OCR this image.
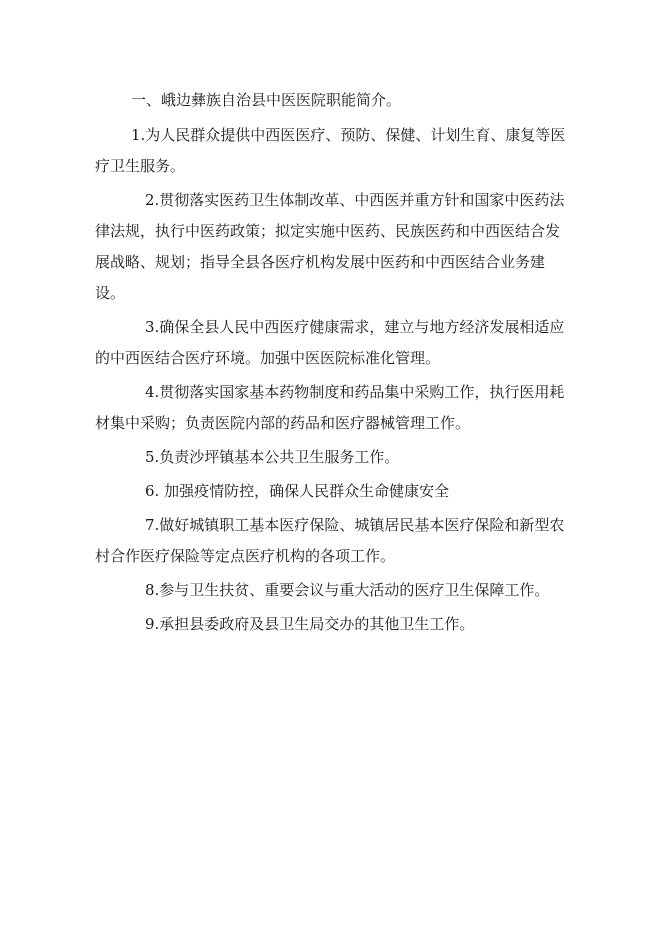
一、峨边彝族自治县中医医院职能简介。

1.为人民群众提供中西医医疗、预防、保健、计划生育、康复等医疗卫生服务。

2.贯彻落实医药卫生体制改革、中西医并重方针和国家中医药法律法规，执行中医药政策；拟定实施中医药、民族医药和中西医结合发展战略、规划；指导全县各医疗机构发展中医药和中西医结合业务建设。

3.确保全县人民中西医疗健康需求，建立与地方经济发展相适应的中西医结合医疗环境。加强中医医院标准化管理。

4.贯彻落实国家基本药物制度和药品集中采购工作，执行医用耗材集中采购；负责医院内部的药品和医疗器械管理工作。

5.负责沙坪镇基本公共卫生服务工作。

6. 加强疫情防控，确保人民群众生命健康安全

7.做好城镇职工基本医疗保险、城镇居民基本医疗保险和新型农村合作医疗保险等定点医疗机构的各项工作。

8.参与卫生扶贫、重要会议与重大活动的医疗卫生保障工作。

9.承担县委政府及县卫生局交办的其他卫生工作。
